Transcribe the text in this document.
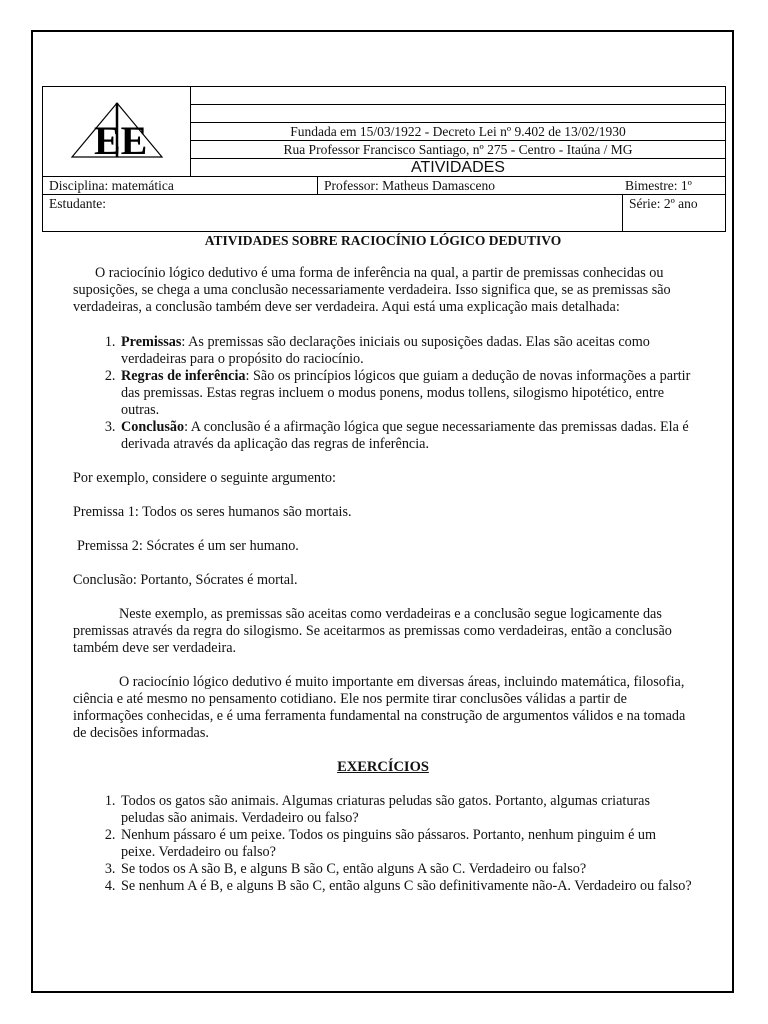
EE

Fundada em 15/03/1922 - Decreto Lei nº 9.402 de 13/02/1930
Rua Professor Francisco Santiago, nº 275 - Centro - Itaúna / MG
ATIVIDADES

Disciplina: matemática	Professor: Matheus Damasceno	Bimestre: 1º

Estudante:	Série: 2º ano

ATIVIDADES SOBRE RACIOCÍNIO LÓGICO DEDUTIVO

O raciocínio lógico dedutivo é uma forma de inferência na qual, a partir de premissas conhecidas ou suposições, se chega a uma conclusão necessariamente verdadeira. Isso significa que, se as premissas são verdadeiras, a conclusão também deve ser verdadeira. Aqui está uma explicação mais detalhada:

1. Premissas: As premissas são declarações iniciais ou suposições dadas. Elas são aceitas como verdadeiras para o propósito do raciocínio.
2. Regras de inferência: São os princípios lógicos que guiam a dedução de novas informações a partir das premissas. Estas regras incluem o modus ponens, modus tollens, silogismo hipotético, entre outras.
3. Conclusão: A conclusão é a afirmação lógica que segue necessariamente das premissas dadas. Ela é derivada através da aplicação das regras de inferência.

Por exemplo, considere o seguinte argumento:

Premissa 1: Todos os seres humanos são mortais.

Premissa 2: Sócrates é um ser humano.

Conclusão: Portanto, Sócrates é mortal.

Neste exemplo, as premissas são aceitas como verdadeiras e a conclusão segue logicamente das premissas através da regra do silogismo. Se aceitarmos as premissas como verdadeiras, então a conclusão também deve ser verdadeira.

O raciocínio lógico dedutivo é muito importante em diversas áreas, incluindo matemática, filosofia, ciência e até mesmo no pensamento cotidiano. Ele nos permite tirar conclusões válidas a partir de informações conhecidas, e é uma ferramenta fundamental na construção de argumentos válidos e na tomada de decisões informadas.

EXERCÍCIOS

1. Todos os gatos são animais. Algumas criaturas peludas são gatos. Portanto, algumas criaturas peludas são animais. Verdadeiro ou falso?
2. Nenhum pássaro é um peixe. Todos os pinguins são pássaros. Portanto, nenhum pinguim é um peixe. Verdadeiro ou falso?
3. Se todos os A são B, e alguns B são C, então alguns A são C. Verdadeiro ou falso?
4. Se nenhum A é B, e alguns B são C, então alguns C são definitivamente não-A. Verdadeiro ou falso?
